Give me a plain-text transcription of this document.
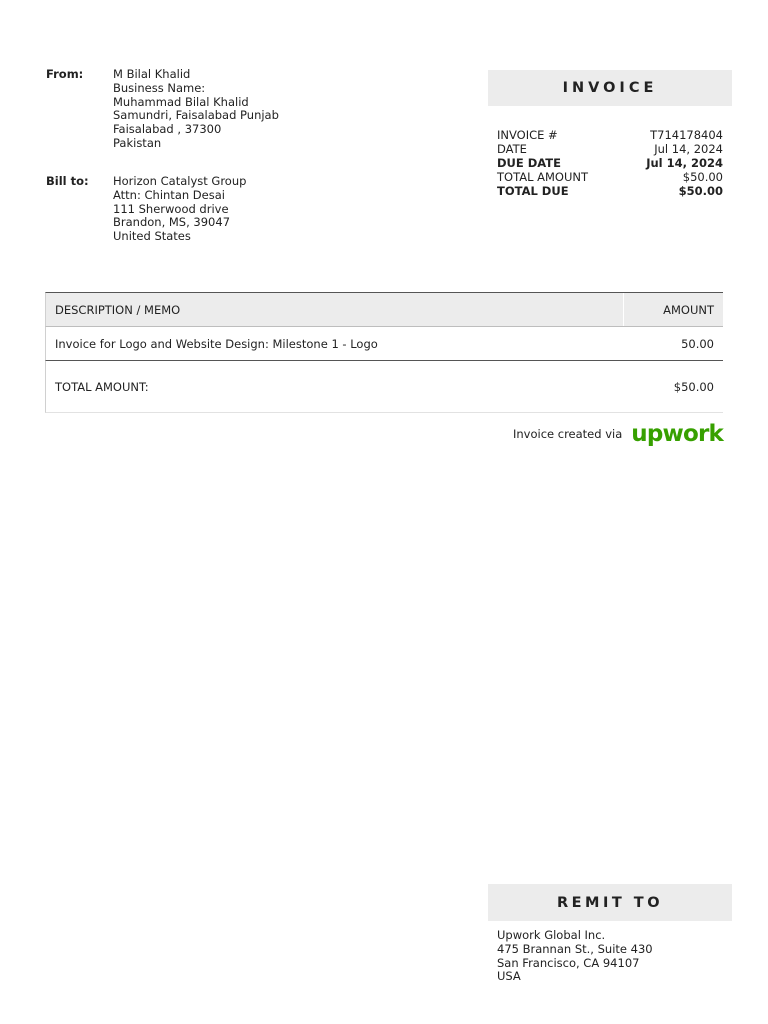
From:	M Bilal Khalid
Business Name:
Muhammad Bilal Khalid
Samundri, Faisalabad Punjab
Faisalabad , 37300
Pakistan
Bill to:	Horizon Catalyst Group
Attn: Chintan Desai
111 Sherwood drive
Brandon, MS, 39047
United States
INVOICE
INVOICE #	T714178404
DATE	Jul 14, 2024
DUE DATE	Jul 14, 2024
TOTAL AMOUNT	$50.00
TOTAL DUE	$50.00
DESCRIPTION / MEMO	AMOUNT
Invoice for Logo and Website Design: Milestone 1 - Logo	50.00
TOTAL AMOUNT:	$50.00
Invoice created via upwork
REMIT TO
Upwork Global Inc.
475 Brannan St., Suite 430
San Francisco, CA 94107
USA
